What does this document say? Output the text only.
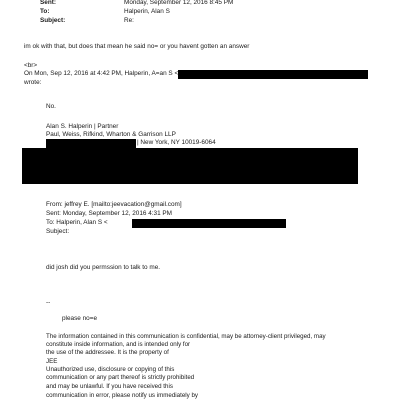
Sent:	Monday, September 12, 2016 8:45 PM
To:	Halperin, Alan S
Subject:	Re:
im ok with that, but does that mean he said no= or you havent gotten an answer
<br>
On Mon, Sep 12, 2016 at 4:42 PM, Halperin, A=an S <
wrote:
No.
Alan S. Halperin | Partner
Paul, Weiss, Rifkind, Wharton & Garrison LLP
| New York, NY 10019-6064
From: jeffrey E. [mailto:jeevacation@gmail.com]
Sent: Monday, September 12, 2016 4:31 PM
To: Halperin, Alan S <
Subject:
did josh did you permssion to talk to me.
--
please no=e
The information contained in this communication is confidential, may be attorney-client privileged, may
constitute inside information, and is intended only for
the use of the addressee. It is the property of
JEE
Unauthorized use, disclosure or copying of this
communication or any part thereof is strictly prohibited
and may be unlawful. If you have received this
communication in error, please notify us immediately by
